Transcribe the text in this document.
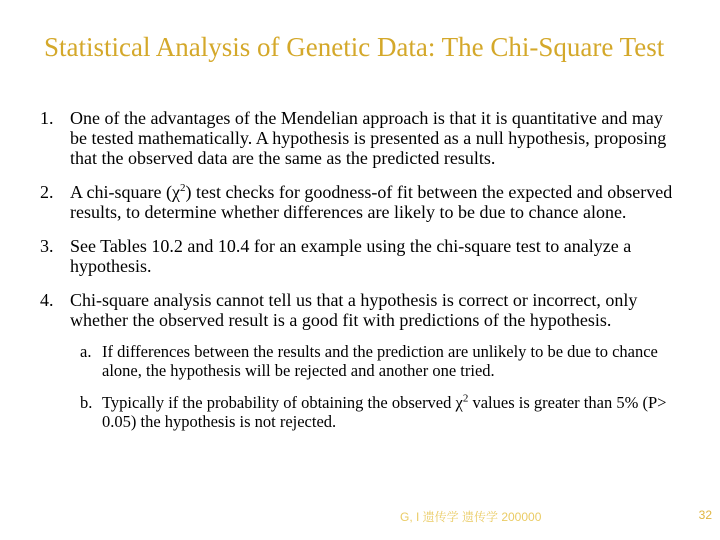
Statistical Analysis of Genetic Data: The Chi-Square Test
1. One of the advantages of the Mendelian approach is that it is quantitative and may be tested mathematically. A hypothesis is presented as a null hypothesis, proposing that the observed data are the same as the predicted results.
2. A chi-square $(\chi^2)$ test checks for goodness-of fit between the expected and observed results, to determine whether differences are likely to be due to chance alone.
3. See Tables 10.2 and 10.4 for an example using the chi-square test to analyze a hypothesis.
4. Chi-square analysis cannot tell us that a hypothesis is correct or incorrect, only whether the observed result is a good fit with predictions of the hypothesis.
a. If differences between the results and the prediction are unlikely to be due to chance alone, the hypothesis will be rejected and another one tried.
b. Typically if the probability of obtaining the observed $\chi^2$ values is greater than 5% (P> 0.05) the hypothesis is not rejected.
G, I 遗传学 遗传学 200000	32
